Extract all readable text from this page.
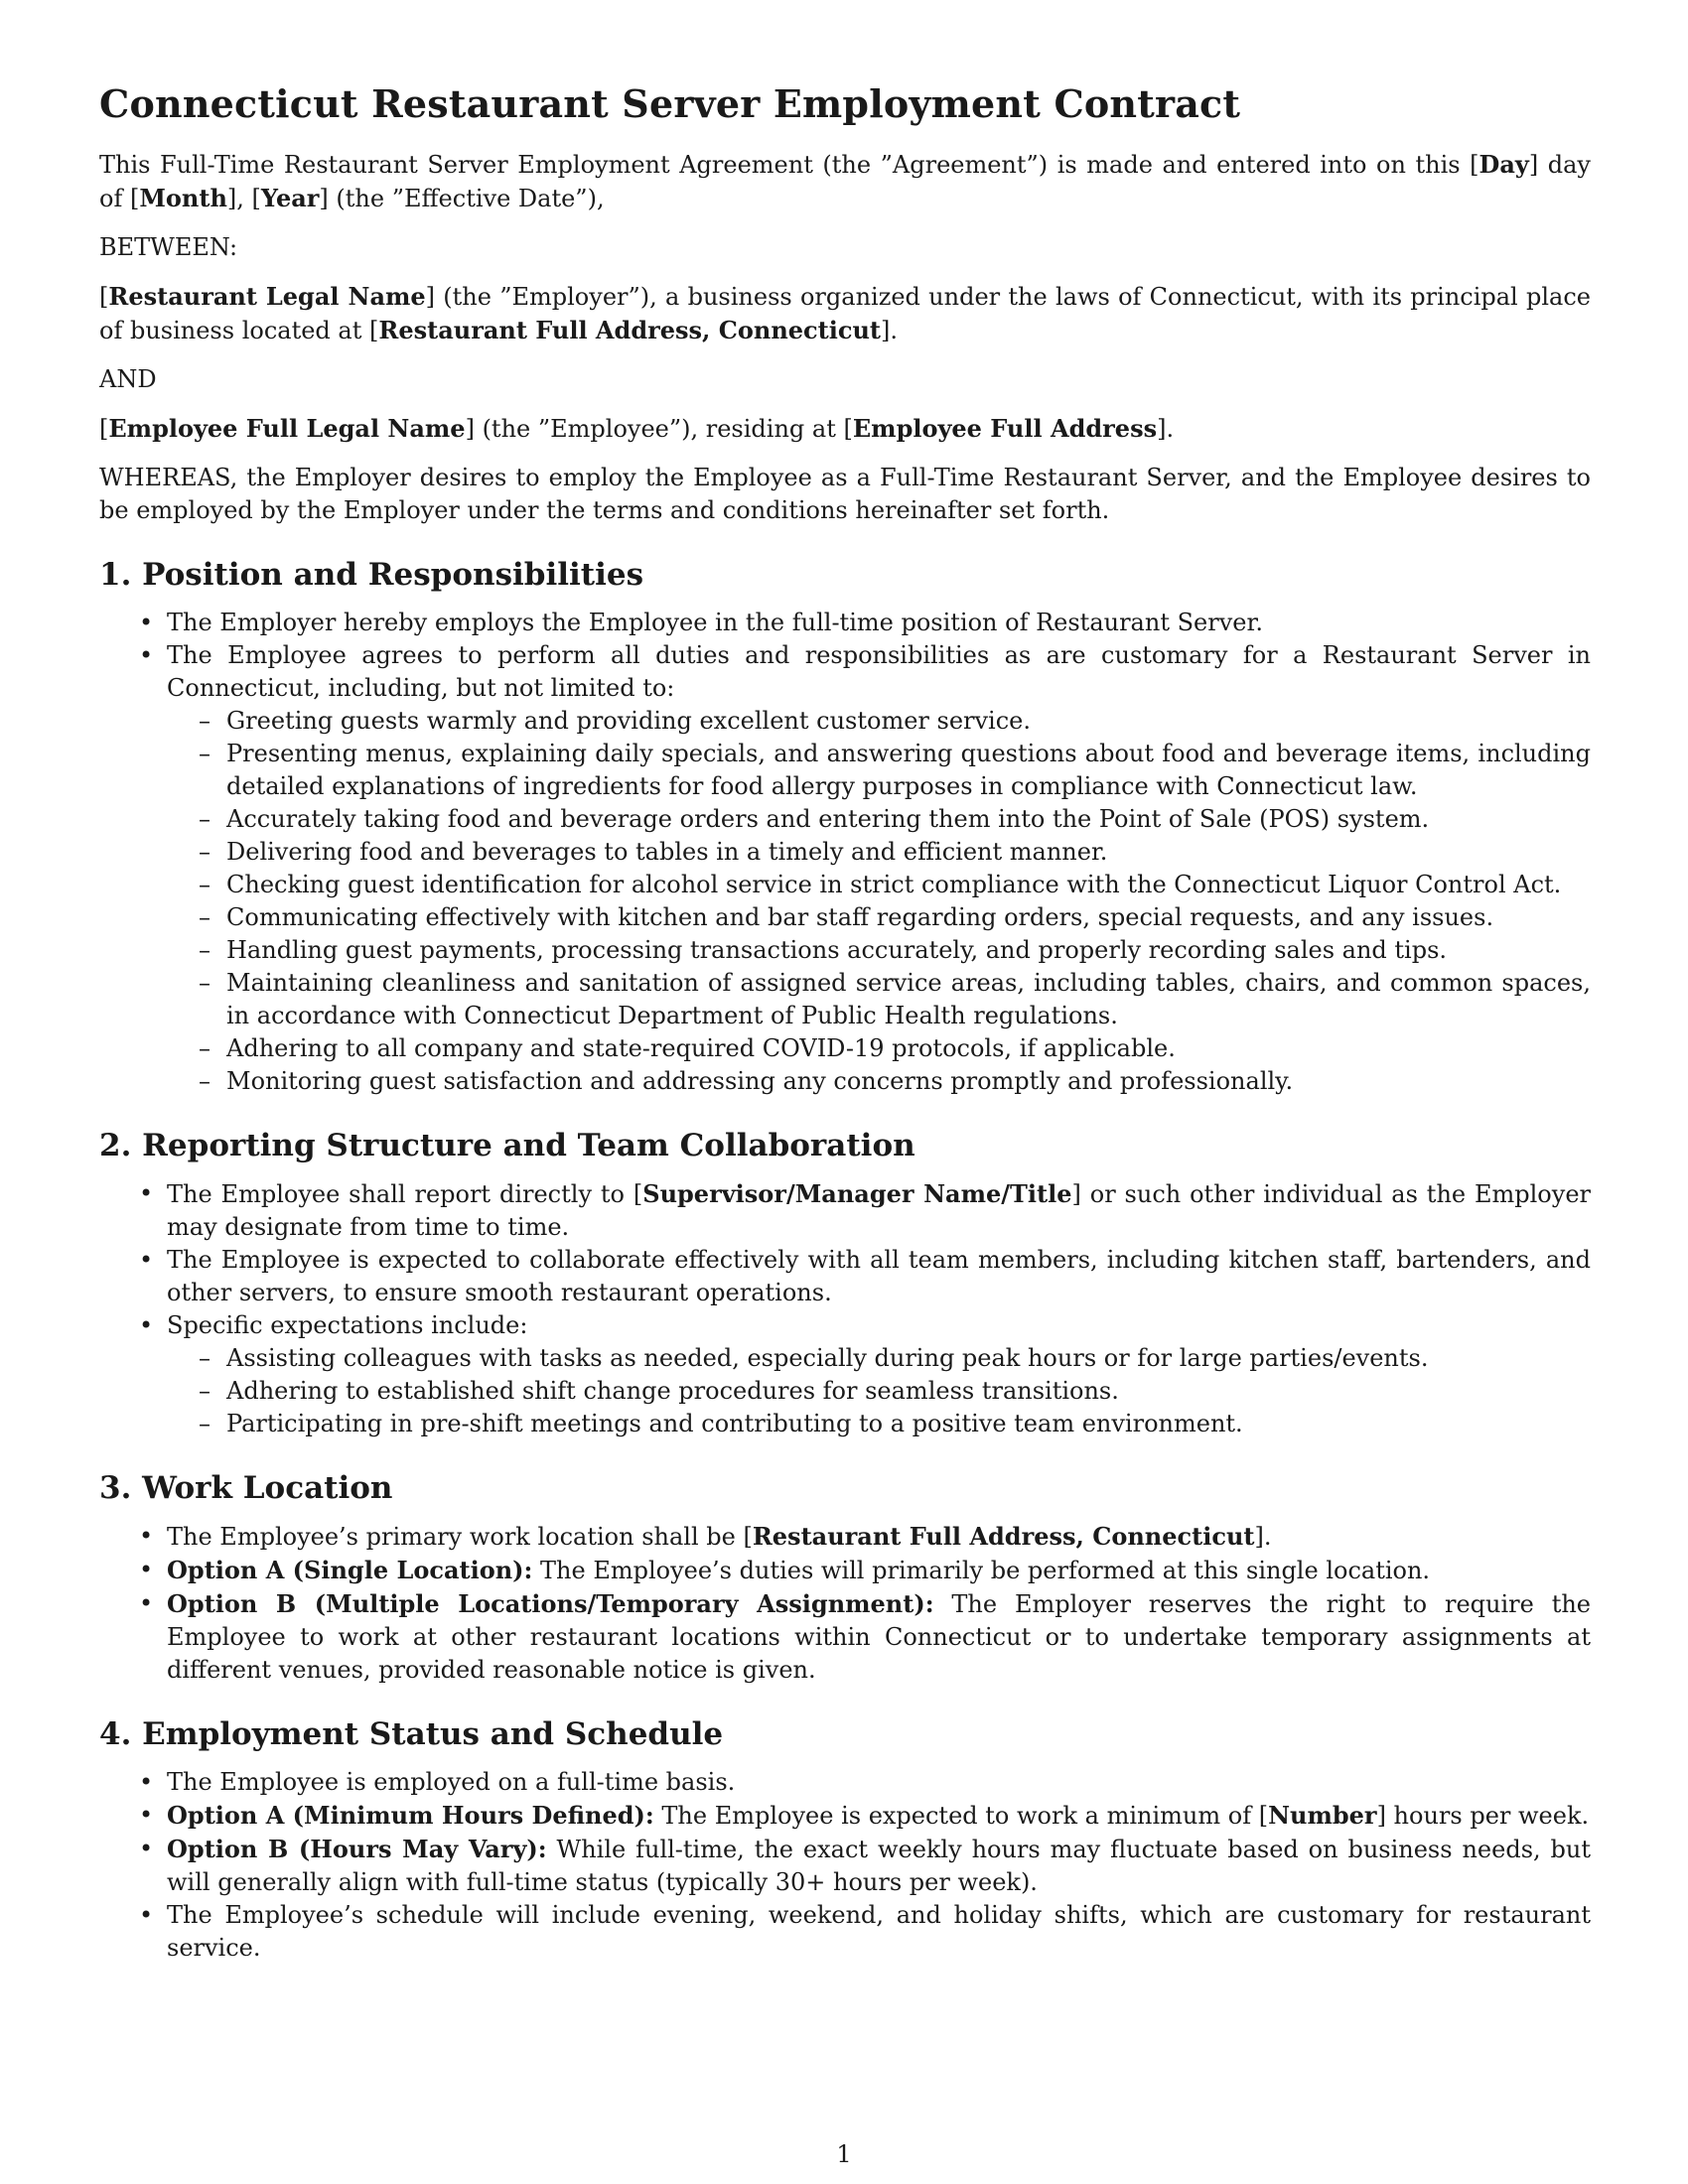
Connecticut Restaurant Server Employment Contract

This Full-Time Restaurant Server Employment Agreement (the ”Agreement”) is made and entered into on this [Day] day of [Month], [Year] (the ”Effective Date”),

BETWEEN:

[Restaurant Legal Name] (the ”Employer”), a business organized under the laws of Connecticut, with its principal place of business located at [Restaurant Full Address, Connecticut].

AND

[Employee Full Legal Name] (the ”Employee”), residing at [Employee Full Address].

WHEREAS, the Employer desires to employ the Employee as a Full-Time Restaurant Server, and the Employee desires to be employed by the Employer under the terms and conditions hereinafter set forth.

1. Position and Responsibilities
• The Employer hereby employs the Employee in the full-time position of Restaurant Server.
• The Employee agrees to perform all duties and responsibilities as are customary for a Restaurant Server in Connecticut, including, but not limited to:
– Greeting guests warmly and providing excellent customer service.
– Presenting menus, explaining daily specials, and answering questions about food and beverage items, including detailed explanations of ingredients for food allergy purposes in compliance with Connecticut law.
– Accurately taking food and beverage orders and entering them into the Point of Sale (POS) system.
– Delivering food and beverages to tables in a timely and efficient manner.
– Checking guest identification for alcohol service in strict compliance with the Connecticut Liquor Control Act.
– Communicating effectively with kitchen and bar staff regarding orders, special requests, and any issues.
– Handling guest payments, processing transactions accurately, and properly recording sales and tips.
– Maintaining cleanliness and sanitation of assigned service areas, including tables, chairs, and common spaces, in accordance with Connecticut Department of Public Health regulations.
– Adhering to all company and state-required COVID-19 protocols, if applicable.
– Monitoring guest satisfaction and addressing any concerns promptly and professionally.
2. Reporting Structure and Team Collaboration
• The Employee shall report directly to [Supervisor/Manager Name/Title] or such other individual as the Employer may designate from time to time.
• The Employee is expected to collaborate effectively with all team members, including kitchen staff, bartenders, and other servers, to ensure smooth restaurant operations.
• Specific expectations include:
– Assisting colleagues with tasks as needed, especially during peak hours or for large parties/events.
– Adhering to established shift change procedures for seamless transitions.
– Participating in pre-shift meetings and contributing to a positive team environment.
3. Work Location
• The Employee’s primary work location shall be [Restaurant Full Address, Connecticut].
• Option A (Single Location): The Employee’s duties will primarily be performed at this single location.
• Option B (Multiple Locations/Temporary Assignment): The Employer reserves the right to require the Employee to work at other restaurant locations within Connecticut or to undertake temporary assignments at different venues, provided reasonable notice is given.
4. Employment Status and Schedule
• The Employee is employed on a full-time basis.
• Option A (Minimum Hours Defined): The Employee is expected to work a minimum of [Number] hours per week.
• Option B (Hours May Vary): While full-time, the exact weekly hours may fluctuate based on business needs, but will generally align with full-time status (typically 30+ hours per week).
• The Employee’s schedule will include evening, weekend, and holiday shifts, which are customary for restaurant service.
1
